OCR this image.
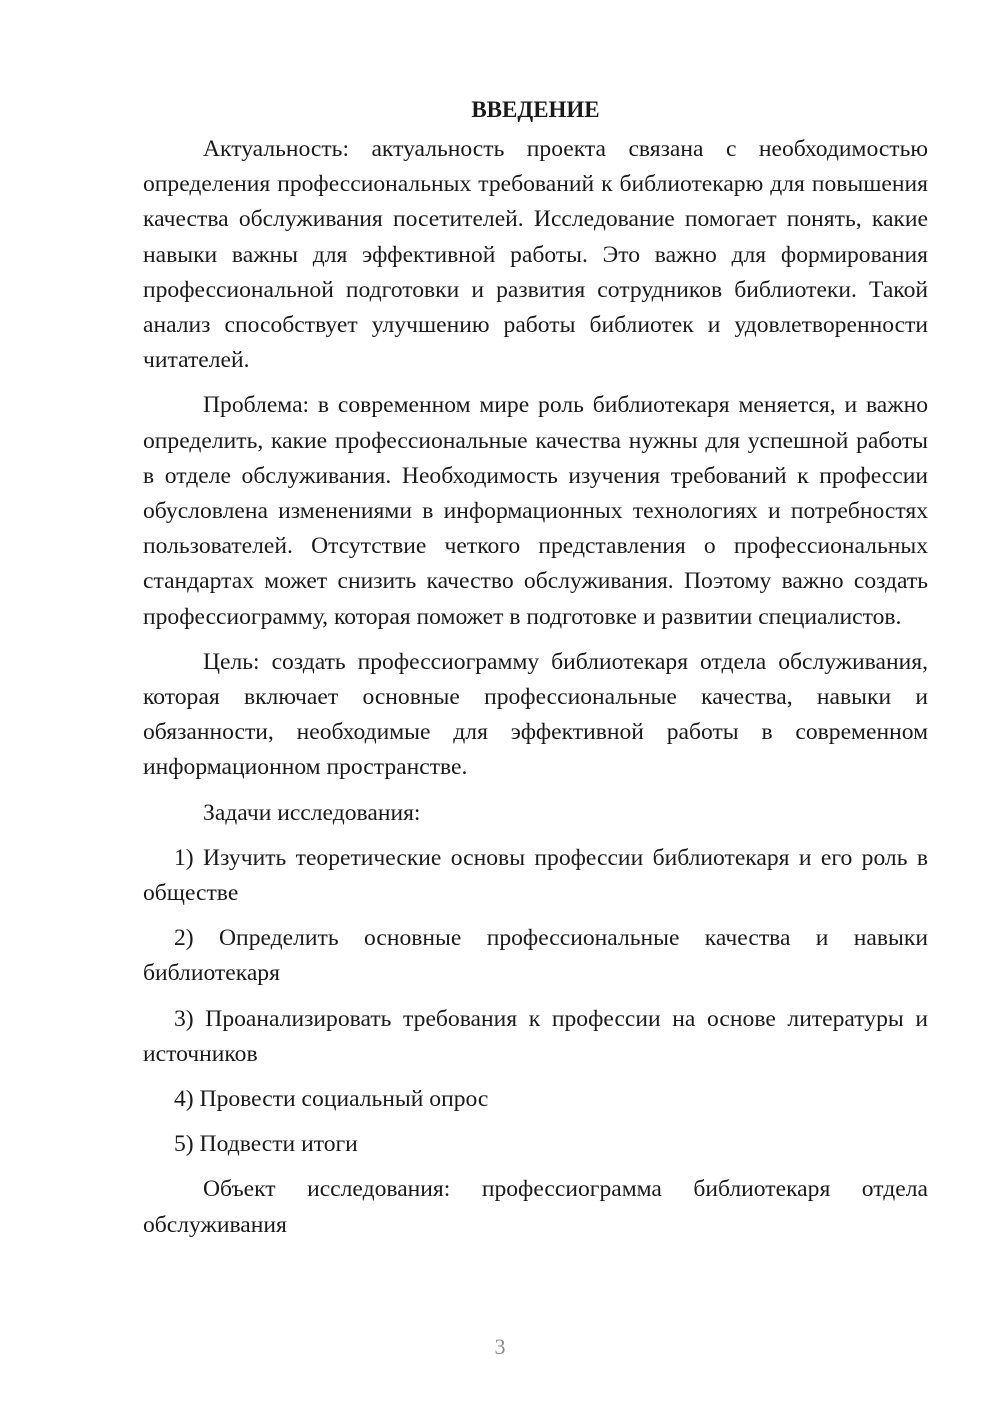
ВВЕДЕНИЕ

Актуальность: актуальность проекта связана с необходимостью определения профессиональных требований к библиотекарю для повышения качества обслуживания посетителей. Исследование помогает понять, какие навыки важны для эффективной работы. Это важно для формирования профессиональной подготовки и развития сотрудников библиотеки. Такой анализ способствует улучшению работы библиотек и удовлетворенности читателей.

Проблема: в современном мире роль библиотекаря меняется, и важно определить, какие профессиональные качества нужны для успешной работы в отделе обслуживания. Необходимость изучения требований к профессии обусловлена изменениями в информационных технологиях и потребностях пользователей. Отсутствие четкого представления о профессиональных стандартах может снизить качество обслуживания. Поэтому важно создать профессиограмму, которая поможет в подготовке и развитии специалистов.

Цель: создать профессиограмму библиотекаря отдела обслуживания, которая включает основные профессиональные качества, навыки и обязанности, необходимые для эффективной работы в современном информационном пространстве.

Задачи исследования:

1) Изучить теоретические основы профессии библиотекаря и его роль в обществе

2) Определить основные профессиональные качества и навыки библиотекаря

3) Проанализировать требования к профессии на основе литературы и источников

4) Провести социальный опрос

5) Подвести итоги

Объект исследования: профессиограмма библиотекаря отдела обслуживания

3
